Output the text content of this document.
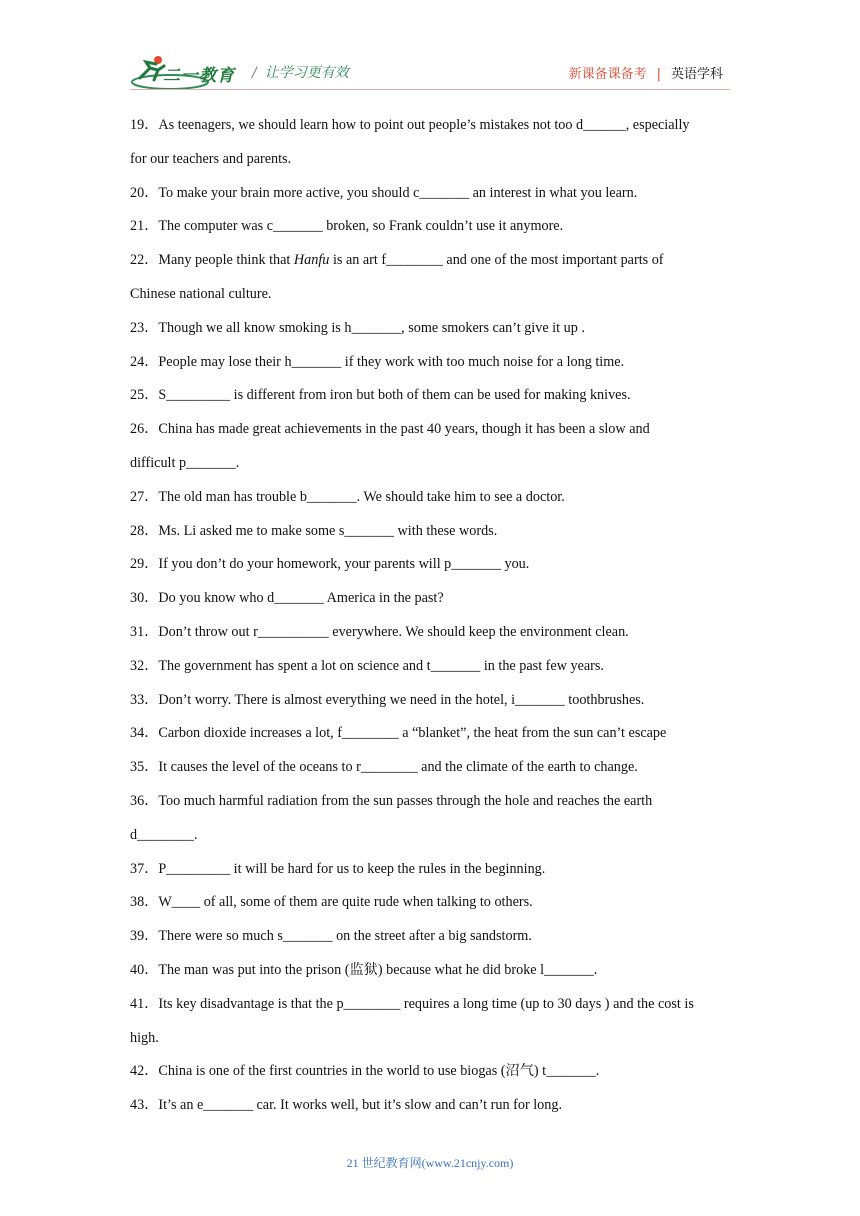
二一教育 / 让学习更有效	新课备课备考 | 英语学科
19．As teenagers, we should learn how to point out people’s mistakes not too d______, especially
for our teachers and parents.
20．To make your brain more active, you should c_______ an interest in what you learn.
21．The computer was c_______ broken, so Frank couldn’t use it anymore.
22．Many people think that Hanfu is an art f________ and one of the most important parts of
Chinese national culture.
23．Though we all know smoking is h_______, some smokers can’t give it up .
24．People may lose their h_______ if they work with too much noise for a long time.
25．S_________ is different from iron but both of them can be used for making knives.
26．China has made great achievements in the past 40 years, though it has been a slow and
difficult p_______.
27．The old man has trouble b_______. We should take him to see a doctor.
28．Ms. Li asked me to make some s_______ with these words.
29．If you don’t do your homework, your parents will p_______ you.
30．Do you know who d_______ America in the past?
31．Don’t throw out r__________ everywhere. We should keep the environment clean.
32．The government has spent a lot on science and t_______ in the past few years.
33．Don’t worry. There is almost everything we need in the hotel, i_______ toothbrushes.
34．Carbon dioxide increases a lot, f________ a “blanket”, the heat from the sun can’t escape
35．It causes the level of the oceans to r________ and the climate of the earth to change.
36．Too much harmful radiation from the sun passes through the hole and reaches the earth
d________.
37．P_________ it will be hard for us to keep the rules in the beginning.
38．W____ of all, some of them are quite rude when talking to others.
39．There were so much s_______ on the street after a big sandstorm.
40．The man was put into the prison (监狱) because what he did broke l_______.
41．Its key disadvantage is that the p________ requires a long time (up to 30 days ) and the cost is
high.
42．China is one of the first countries in the world to use biogas (沼气) t_______.
43．It’s an e_______ car. It works well, but it’s slow and can’t run for long.
21 世纪教育网(www.21cnjy.com)
